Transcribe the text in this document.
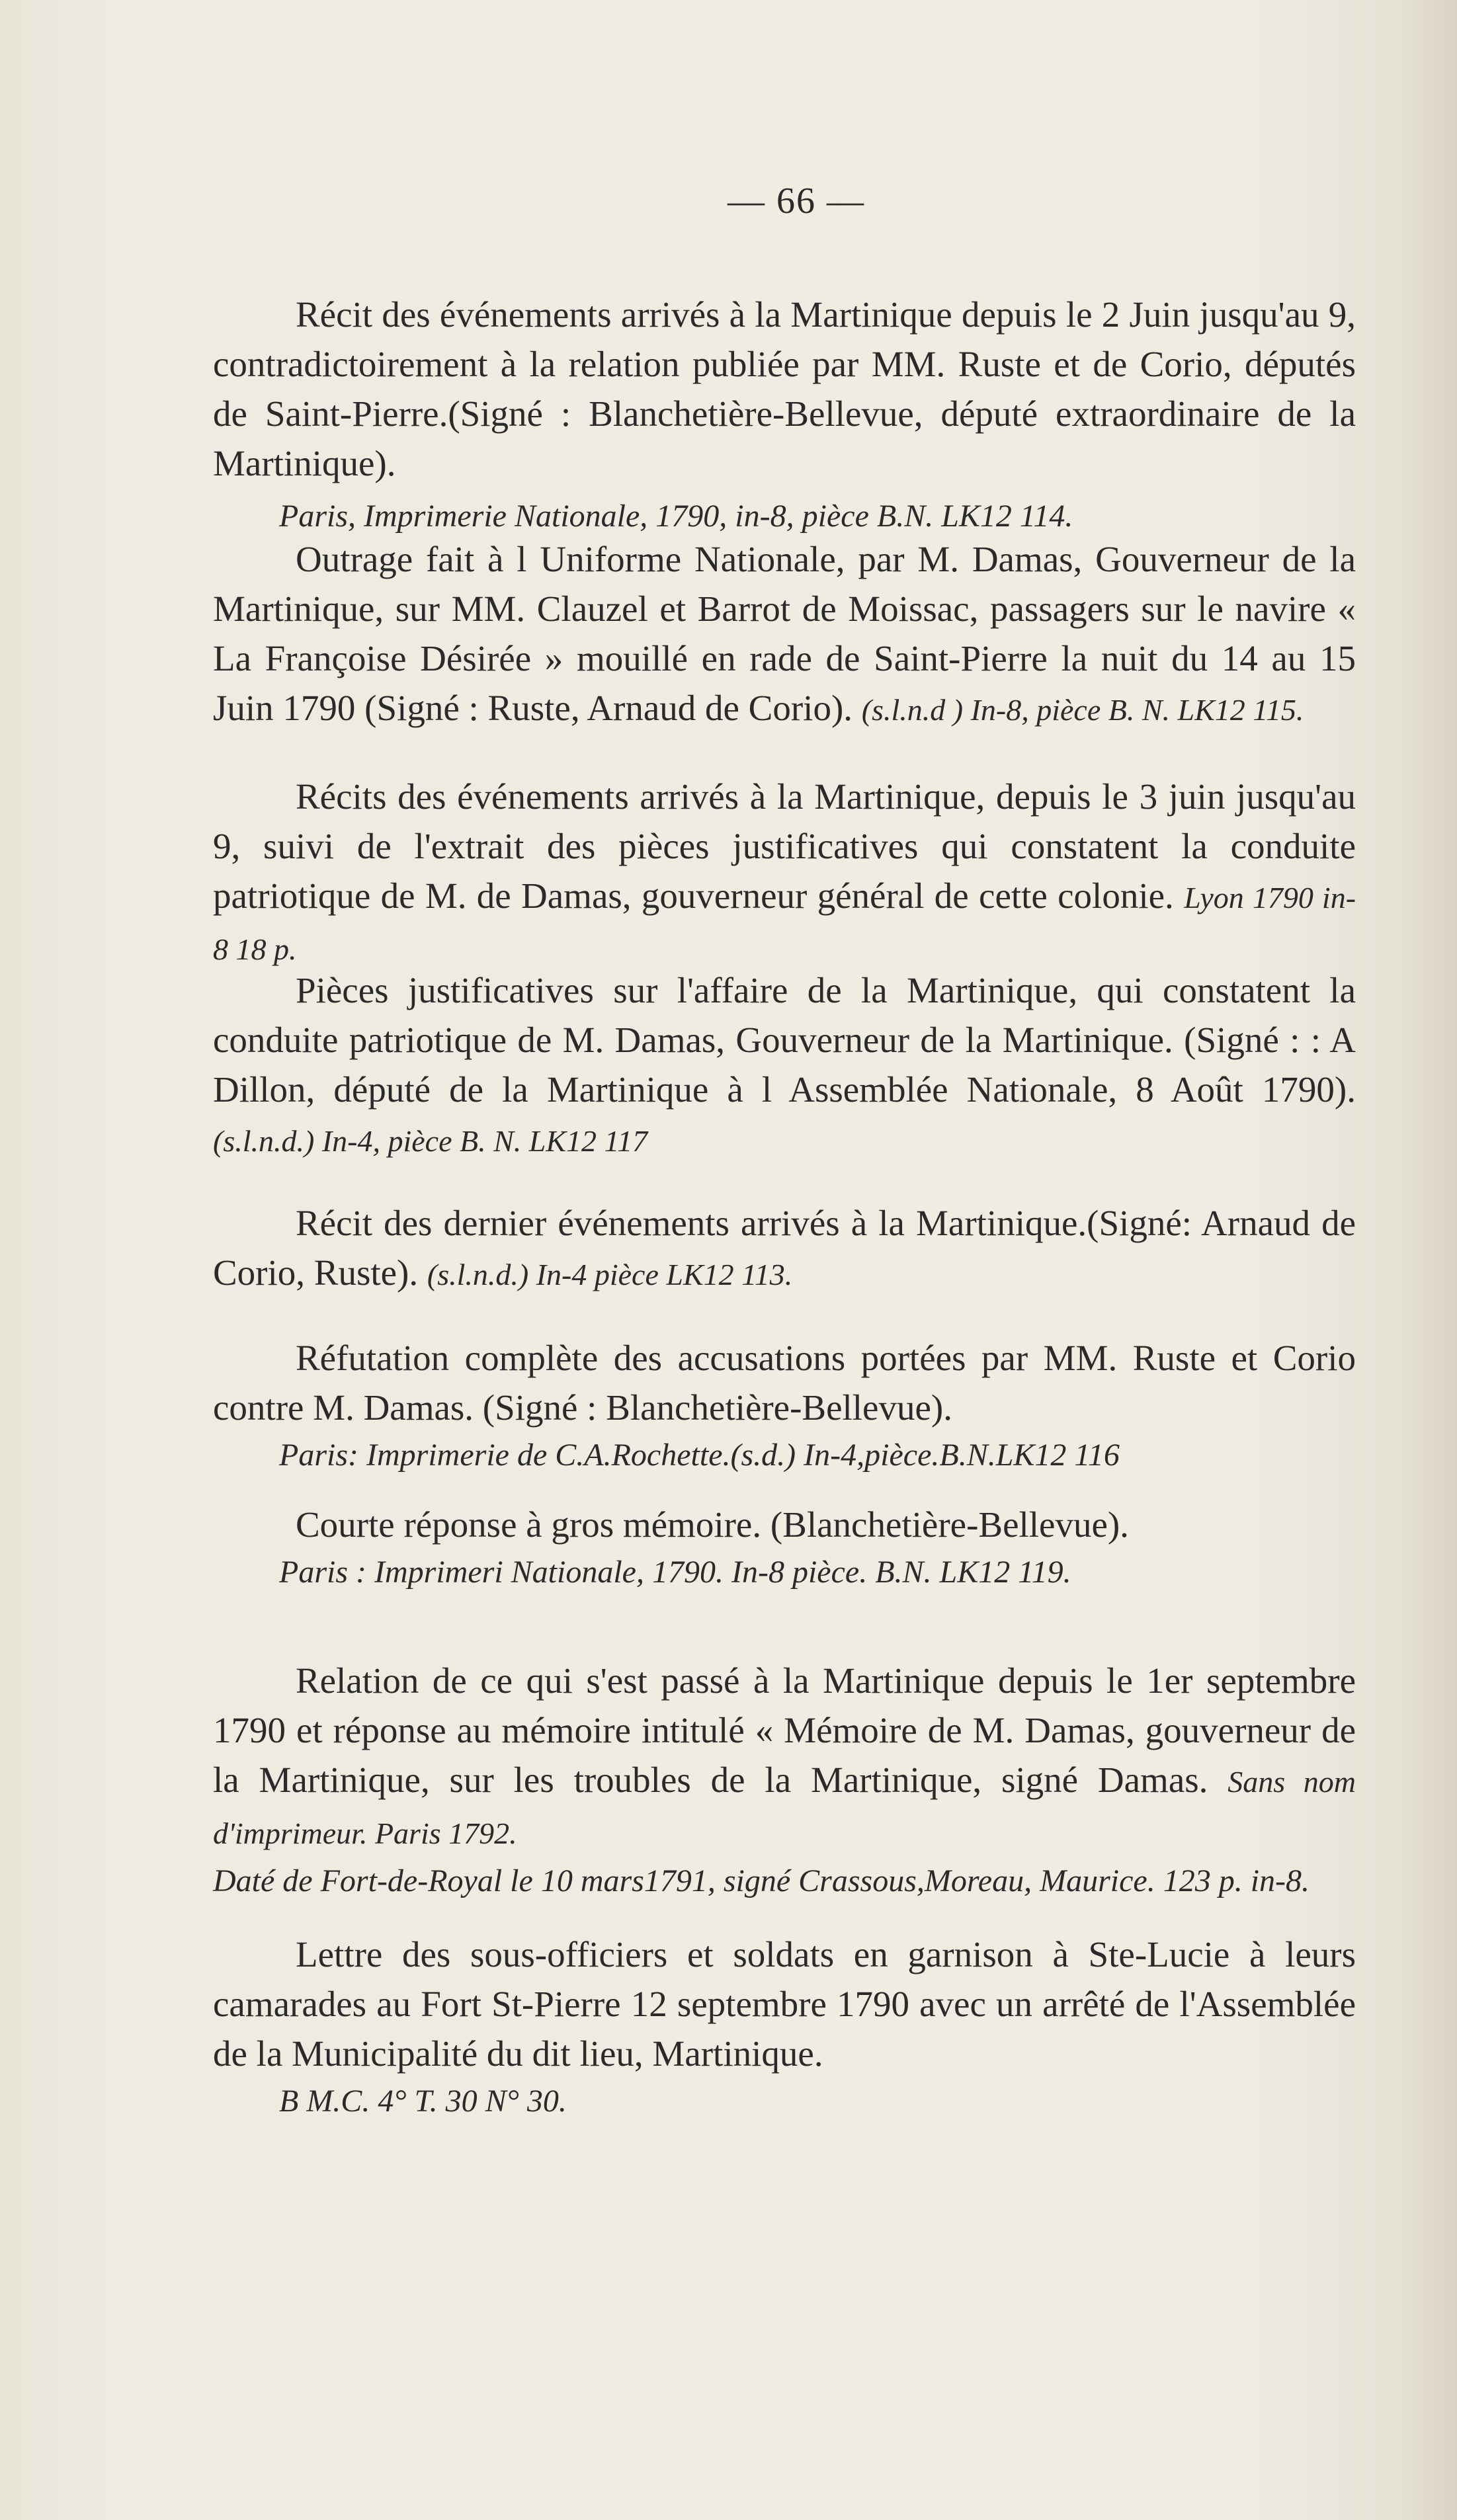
— 66 —
Récit des événements arrivés à la Martinique depuis le 2 Juin jusqu'au 9, contradictoirement à la relation publiée par MM. Ruste et de Corio, députés de Saint-Pierre.(Signé : Blanchetière-Bellevue, député extraordinaire de la Martinique).
Paris, Imprimerie Nationale, 1790, in-8, pièce B.N. LK12 114.
Outrage fait à l Uniforme Nationale, par M. Damas, Gouverneur de la Martinique, sur MM. Clauzel et Barrot de Moissac, passagers sur le navire « La Françoise Désirée » mouillé en rade de Saint-Pierre la nuit du 14 au 15 Juin 1790 (Signé : Ruste, Arnaud de Corio). (s.l.n.d ) In-8, pièce B. N. LK12 115.
Récits des événements arrivés à la Martinique, depuis le 3 juin jusqu'au 9, suivi de l'extrait des pièces justificatives qui constatent la conduite patriotique de M. de Damas, gouverneur général de cette colonie. Lyon 1790 in-8 18 p.
Pièces justificatives sur l'affaire de la Martinique, qui constatent la conduite patriotique de M. Damas, Gouverneur de la Martinique. (Signé : : A Dillon, député de la Martinique à l Assemblée Nationale, 8 Août 1790). (s.l.n.d.) In-4, pièce B. N. LK12 117
Récit des dernier événements arrivés à la Martinique.(Signé: Arnaud de Corio, Ruste). (s.l.n.d.) In-4 pièce LK12 113.
Réfutation complète des accusations portées par MM. Ruste et Corio contre M. Damas. (Signé : Blanchetière-Bellevue).
Paris: Imprimerie de C.A.Rochette.(s.d.) In-4,pièce.B.N.LK12 116
Courte réponse à gros mémoire. (Blanchetière-Bellevue).
Paris : Imprimeri Nationale, 1790. In-8 pièce. B.N. LK12 119.
Relation de ce qui s'est passé à la Martinique depuis le 1er septembre 1790 et réponse au mémoire intitulé « Mémoire de M. Damas, gouverneur de la Martinique, sur les troubles de la Martinique, signé Damas. Sans nom d'imprimeur. Paris 1792.
Daté de Fort-de-Royal le 10 mars1791, signé Crassous,Moreau, Maurice. 123 p. in-8.
Lettre des sous-officiers et soldats en garnison à Ste-Lucie à leurs camarades au Fort St-Pierre 12 septembre 1790 avec un arrêté de l'Assemblée de la Municipalité du dit lieu, Martinique.
B M.C. 4° T. 30 N° 30.
